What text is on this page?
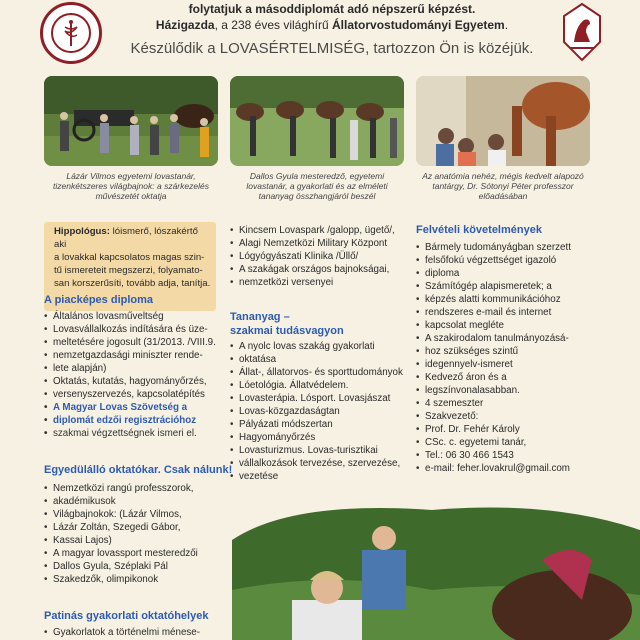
folytatjuk a másoddiplomát adó népszerű képzést.
Házigazda, a 238 éves világhírű Állatorvostudományi Egyetem.
Készülődik a LOVASÉRTELMISÉG, tartozzon Ön is közéjük.
Lázár Vilmos egyetemi lovastanár,
tizenkétszeres világbajnok: a szárkezelés
művészetét oktatja
Dallos Gyula mesteredző, egyetemi
lovastanár, a gyakorlati és az elméleti
tananyag összhangjáról beszél
Az anatómia nehéz, mégis kedvelt alapozó
tantárgy, Dr. Sótonyi Péter professzor
előadásában
Hippológus: lóismerő, lószakértő aki
a lovakkal kapcsolatos magas szin-
tű ismereteit megszerzi, folyamato-
san korszerűsíti, tovább adja, tanítja.
A piacképes diploma
• Általános lovasműveltség
• Lovasvállalkozás indítására és üze-
• meltetésére jogosult (31/2013. /VIII.9.
• nemzetgazdasági miniszter rende-
• lete alapján)
• Oktatás, kutatás, hagyományőrzés,
• versenyszervezés, kapcsolatépítés
• A Magyar Lovas Szövetség a
• diplomát edzői regisztrációhoz
• szakmai végzettségnek ismeri el.
Egyedülálló oktatókar. Csak nálunk!
• Nemzetközi rangú professzorok,
• akadémikusok
• Világbajnokok: (Lázár Vilmos,
• Lázár Zoltán, Szegedi Gábor,
• Kassai Lajos)
• A magyar lovassport mesteredzői
• Dallos Gyula, Széplaki Pál
• Szakedzők, olimpikonok
Patinás gyakorlati oktatóhelyek
• Gyakorlatok a történelmi ménese-
• Kincsem Lovaspark /galopp, ügető/,
• Alagi Nemzetközi Military Központ
• Lógyógyászati Klinika /Üllő/
• A szakágak országos bajnokságai,
• nemzetközi versenyei
Tananyag –
szakmai tudásvagyon
• A nyolc lovas szakág gyakorlati
• oktatása
• Állat-, állatorvos- és sporttudományok
• Lóetológia. Állatvédelem.
• Lovasterápia. Lósport. Lovasjászat
• Lovas-közgazdaságtan
• Pályázati módszertan
• Hagyományőrzés
• Lovasturizmus. Lovas-turisztikai
• vállalkozások tervezése, szervezése,
• vezetése
Felvételi követelmények
• Bármely tudományágban szerzett
• felsőfokú végzettséget igazoló
• diploma
• Számítógép alapismeretek; a
• képzés alatti kommunikációhoz
• rendszeres e-mail és internet
• kapcsolat megléte
• A szakirodalom tanulmányozásá-
• hoz szükséges szintű
• idegennyelv-ismeret
• Kedvező áron és a
• legszínvonalasabban.
• 4 szemeszter
• Szakvezető:
• Prof. Dr. Fehér Károly
• CSc. c. egyetemi tanár,
• Tel.: 06 30 466 1543
• e-mail: feher.lovakrul@gmail.com
